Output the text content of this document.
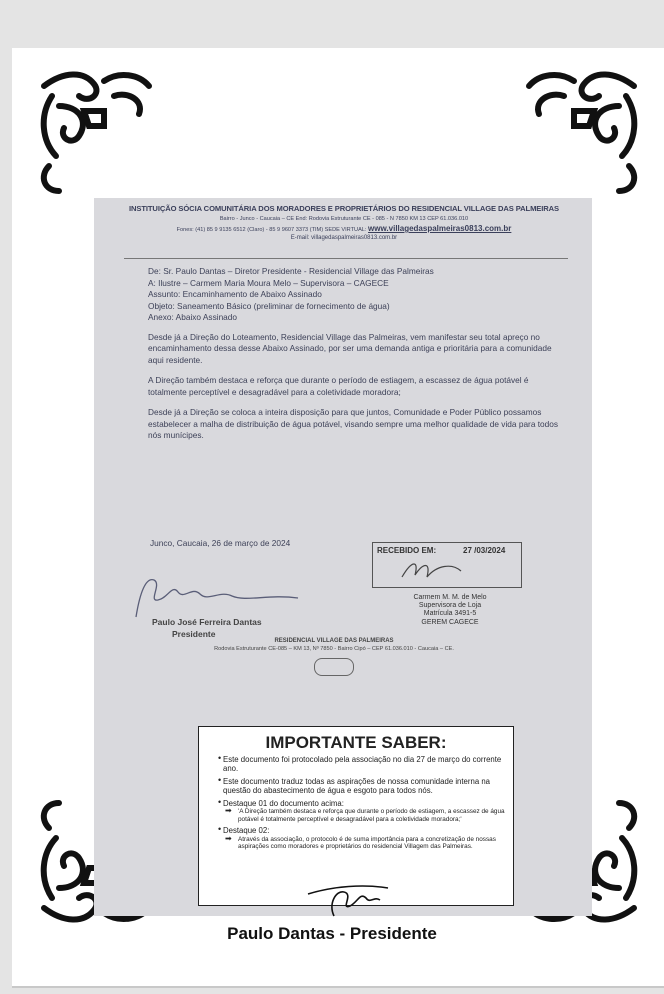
INSTITUIÇÃO SÓCIA COMUNITÁRIA DOS MORADORES E PROPRIETÁRIOS DO RESIDENCIAL VILLAGE DAS PALMEIRAS
Bairro - Junco - Caucaia – CE End: Rodovia Estruturante CE - 085 - N 7850 KM 13 CEP 61.036.010
Fones: (41) 85 9 9135 6512 (Claro) - 85 9 9607 3373 (TIM) SEDE VIRTUAL: www.villagedaspalmeiras0813.com.br
E-mail: villagedaspalmeiras0813.com.br
De: Sr. Paulo Dantas – Diretor Presidente - Residencial Village das Palmeiras
A: Ilustre – Carmem Maria Moura Melo – Supervisora – CAGECE
Assunto: Encaminhamento de Abaixo Assinado
Objeto: Saneamento Básico (preliminar de fornecimento de água)
Anexo: Abaixo Assinado

Desde já a Direção do Loteamento, Residencial Village das Palmeiras, vem manifestar seu total apreço no encaminhamento dessa desse Abaixo Assinado, por ser uma demanda antiga e prioritária para a comunidade aqui residente.

A Direção também destaca e reforça que durante o período de estiagem, a escassez de água potável é totalmente perceptível e desagradável para a coletividade moradora;

Desde já a Direção se coloca a inteira disposição para que juntos, Comunidade e Poder Público possamos estabelecer a malha de distribuição de água potável, visando sempre uma melhor qualidade de vida para todos nós munícipes.

Junco, Caucaia, 26 de março de 2024
RECEBIDO EM:	27 /03/2024
Carmem M. M. de Melo
Supervisora de Loja
Matrícula 3491-5
GEREM CAGECE
Paulo José Ferreira Dantas
Presidente
RESIDENCIAL VILLAGE DAS PALMEIRAS
Rodovia Estruturante CE-085 – KM 13, Nº 7850 - Bairro Cipó – CEP 61.036.010 - Caucaia – CE.
IMPORTANTE SABER:
• Este documento foi protocolado pela associação no dia 27 de março do corrente ano.
• Este documento traduz todas as aspirações de nossa comunidade interna na questão do abastecimento de água e esgoto para todos nós.
• Destaque 01 do documento acima:
➡ 'A Direção também destaca e reforça que durante o período de estiagem, a escassez de água potável é totalmente perceptível e desagradável para a coletividade moradora;'
• Destaque 02:
➡ Através da associação, o protocolo é de suma importância para a concretização de nossas aspirações como moradores e proprietários do residencial Villagem das Palmeiras.
Paulo Dantas - Presidente
